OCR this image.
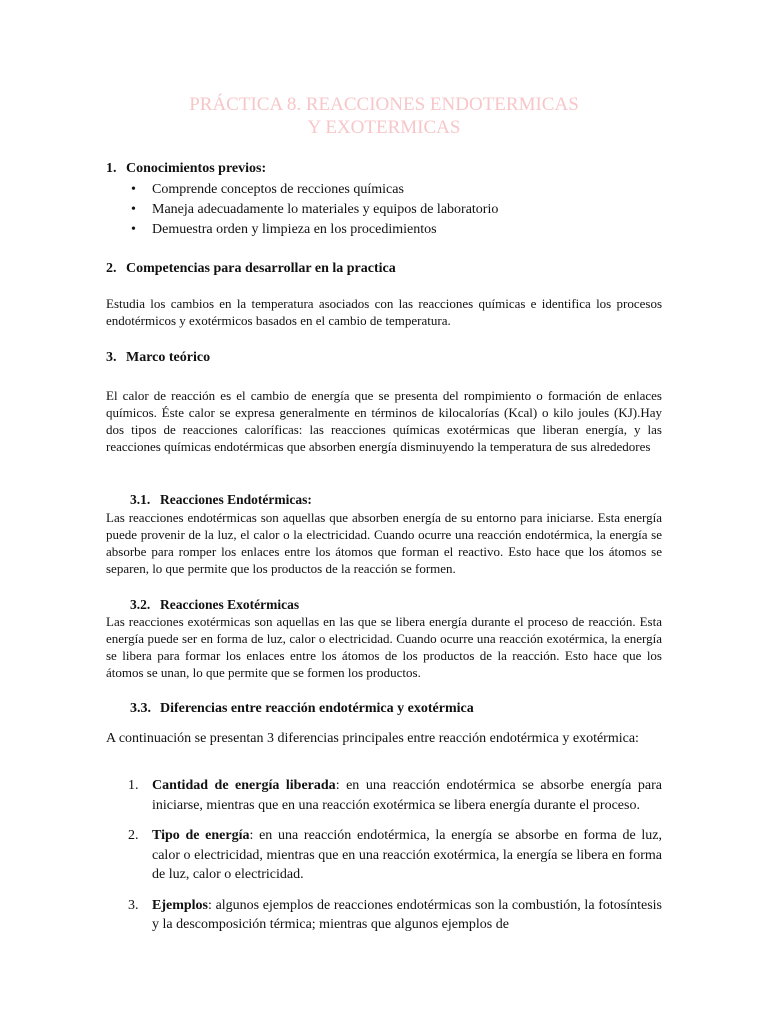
PRÁCTICA 8. REACCIONES ENDOTERMICAS
Y EXOTERMICAS
1. Conocimientos previos:
• Comprende conceptos de recciones químicas
• Maneja adecuadamente lo materiales y equipos de laboratorio
• Demuestra orden y limpieza en los procedimientos
2. Competencias para desarrollar en la practica

Estudia los cambios en la temperatura asociados con las reacciones químicas e identifica los procesos endotérmicos y exotérmicos basados en el cambio de temperatura.

3. Marco teórico

El calor de reacción es el cambio de energía que se presenta del rompimiento o formación de enlaces químicos. Éste calor se expresa generalmente en términos de kilocalorías (Kcal) o kilo joules (KJ).Hay dos tipos de reacciones caloríficas: las reacciones químicas exotérmicas que liberan energía, y las reacciones químicas endotérmicas que absorben energía disminuyendo la temperatura de sus alrededores

3.1. Reacciones Endotérmicas:

Las reacciones endotérmicas son aquellas que absorben energía de su entorno para iniciarse. Esta energía puede provenir de la luz, el calor o la electricidad. Cuando ocurre una reacción endotérmica, la energía se absorbe para romper los enlaces entre los átomos que forman el reactivo. Esto hace que los átomos se separen, lo que permite que los productos de la reacción se formen.

3.2. Reacciones Exotérmicas

Las reacciones exotérmicas son aquellas en las que se libera energía durante el proceso de reacción. Esta energía puede ser en forma de luz, calor o electricidad. Cuando ocurre una reacción exotérmica, la energía se libera para formar los enlaces entre los átomos de los productos de la reacción. Esto hace que los átomos se unan, lo que permite que se formen los productos.

3.3. Diferencias entre reacción endotérmica y exotérmica

A continuación se presentan 3 diferencias principales entre reacción endotérmica y exotérmica:

1. Cantidad de energía liberada: en una reacción endotérmica se absorbe energía para iniciarse, mientras que en una reacción exotérmica se libera energía durante el proceso.
2. Tipo de energía: en una reacción endotérmica, la energía se absorbe en forma de luz, calor o electricidad, mientras que en una reacción exotérmica, la energía se libera en forma de luz, calor o electricidad.
3. Ejemplos: algunos ejemplos de reacciones endotérmicas son la combustión, la fotosíntesis y la descomposición térmica; mientras que algunos ejemplos de
